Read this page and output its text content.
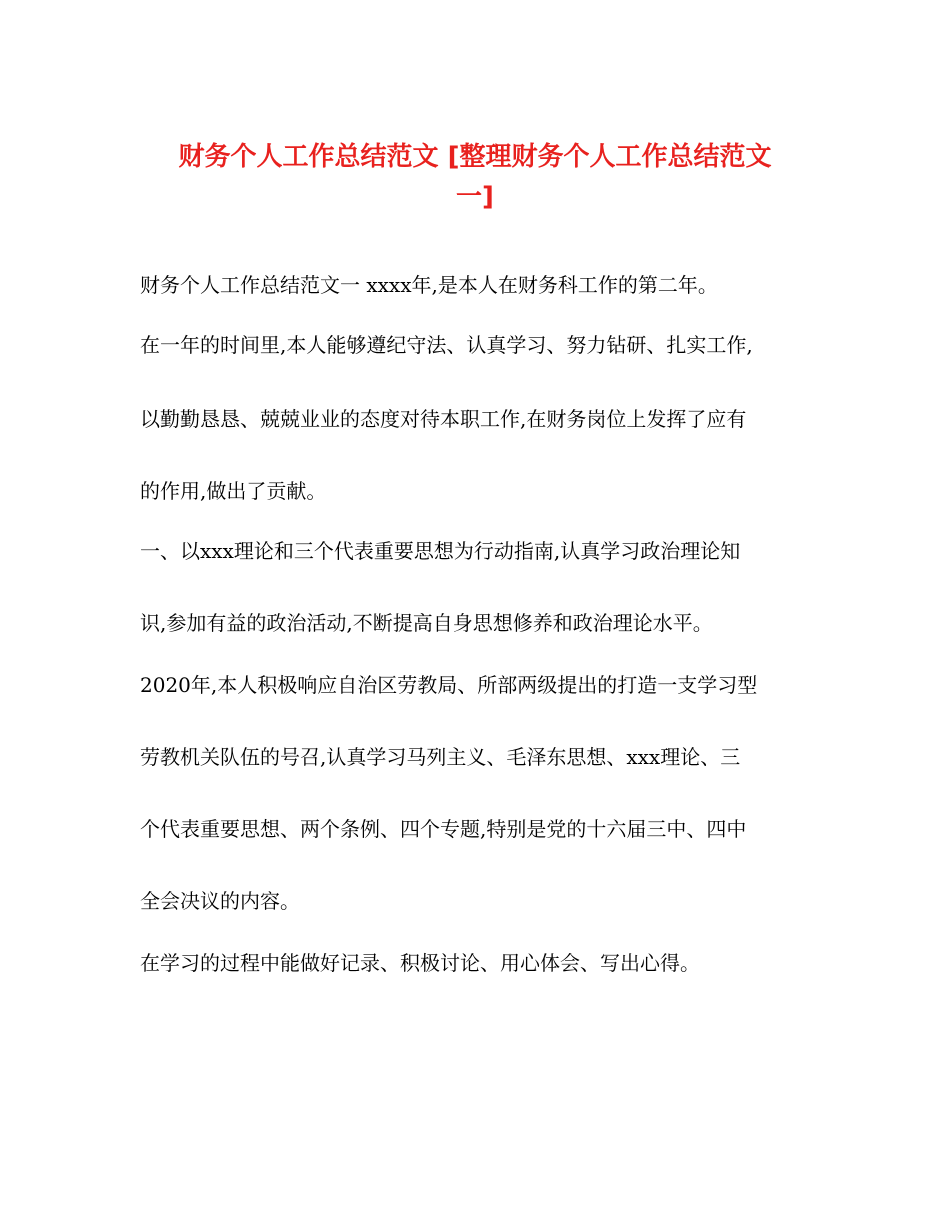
财务个人工作总结范文 [整理财务个人工作总结范文
一]
财务个人工作总结范文一 xxxx年,是本人在财务科工作的第二年。
在一年的时间里,本人能够遵纪守法、认真学习、努力钻研、扎实工作,
以勤勤恳恳、兢兢业业的态度对待本职工作,在财务岗位上发挥了应有
的作用,做出了贡献。
一、以xxx理论和三个代表重要思想为行动指南,认真学习政治理论知
识,参加有益的政治活动,不断提高自身思想修养和政治理论水平。
2020年,本人积极响应自治区劳教局、所部两级提出的打造一支学习型
劳教机关队伍的号召,认真学习马列主义、毛泽东思想、xxx理论、三
个代表重要思想、两个条例、四个专题,特别是党的十六届三中、四中
全会决议的内容。
在学习的过程中能做好记录、积极讨论、用心体会、写出心得。
